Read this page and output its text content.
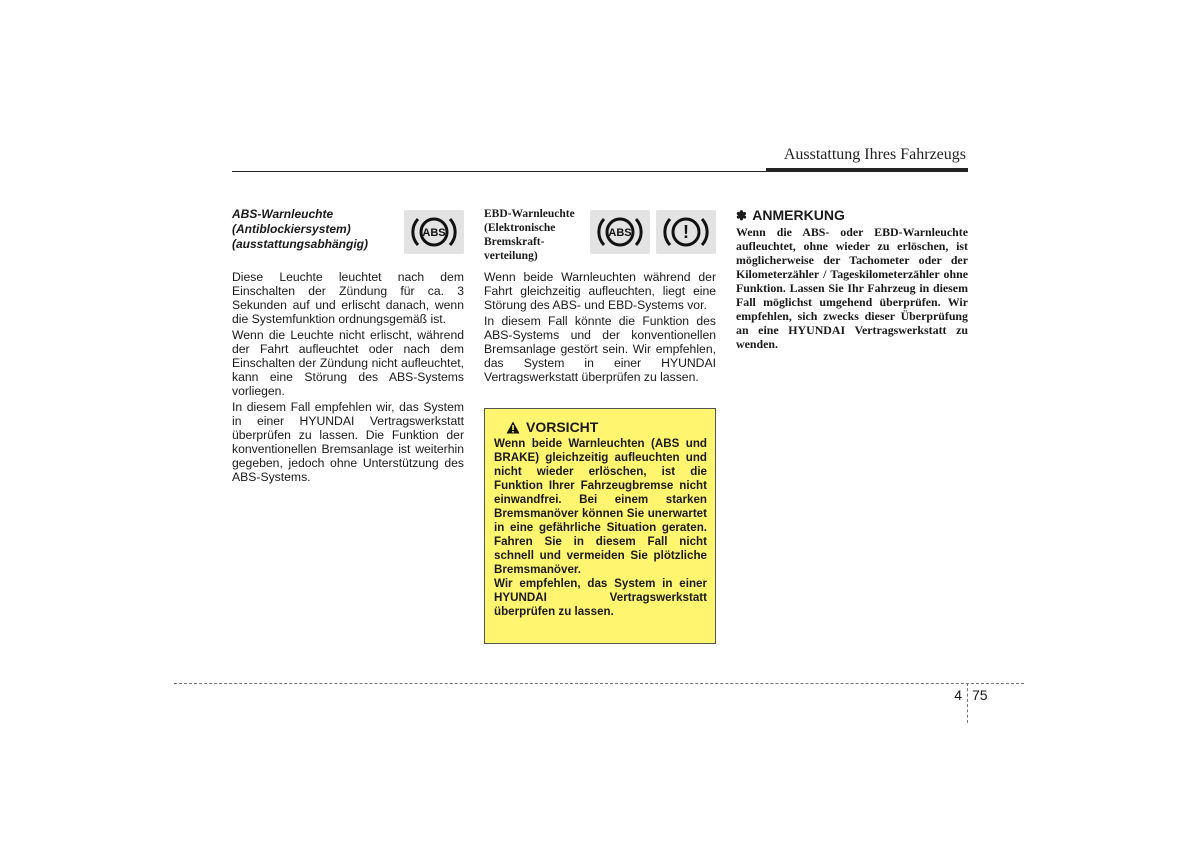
Ausstattung Ihres Fahrzeugs
ABS-Warnleuchte
(Antiblockiersystem)
(ausstattungsabhängig)
ABS

Diese Leuchte leuchtet nach dem Einschalten der Zündung für ca. 3 Sekunden auf und erlischt danach, wenn die Systemfunktion ordnungsgemäß ist.

Wenn die Leuchte nicht erlischt, während der Fahrt aufleuchtet oder nach dem Einschalten der Zündung nicht aufleuchtet, kann eine Störung des ABS-Systems vorliegen.

In diesem Fall empfehlen wir, das System in einer HYUNDAI Vertragswerkstatt überprüfen zu lassen. Die Funktion der konventionellen Bremsanlage ist weiterhin gegeben, jedoch ohne Unterstützung des ABS-Systems.

EBD-Warnleuchte
(Elektronische
Bremskraft-
verteilung)
ABS	!

Wenn beide Warnleuchten während der Fahrt gleichzeitig aufleuchten, liegt eine Störung des ABS- und EBD-Systems vor.

In diesem Fall könnte die Funktion des ABS-Systems und der konventionellen Bremsanlage gestört sein. Wir empfehlen, das System in einer HYUNDAI Vertragswerkstatt überprüfen zu lassen.

VORSICHT

Wenn beide Warnleuchten (ABS und BRAKE) gleichzeitig aufleuchten und nicht wieder erlöschen, ist die Funktion Ihrer Fahrzeugbremse nicht einwandfrei. Bei einem starken Bremsmanöver können Sie unerwartet in eine gefährliche Situation geraten. Fahren Sie in diesem Fall nicht schnell und vermeiden Sie plötzliche Bremsmanöver.

Wir empfehlen, das System in einer HYUNDAI Vertragswerkstatt überprüfen zu lassen.

✽ ANMERKUNG

Wenn die ABS- oder EBD-Warnleuchte aufleuchtet, ohne wieder zu erlöschen, ist möglicherweise der Tachometer oder der Kilometerzähler / Tageskilometerzähler ohne Funktion. Lassen Sie Ihr Fahrzeug in diesem Fall möglichst umgehend überprüfen. Wir empfehlen, sich zwecks dieser Überprüfung an eine HYUNDAI Vertragswerkstatt zu wenden.

4 75
